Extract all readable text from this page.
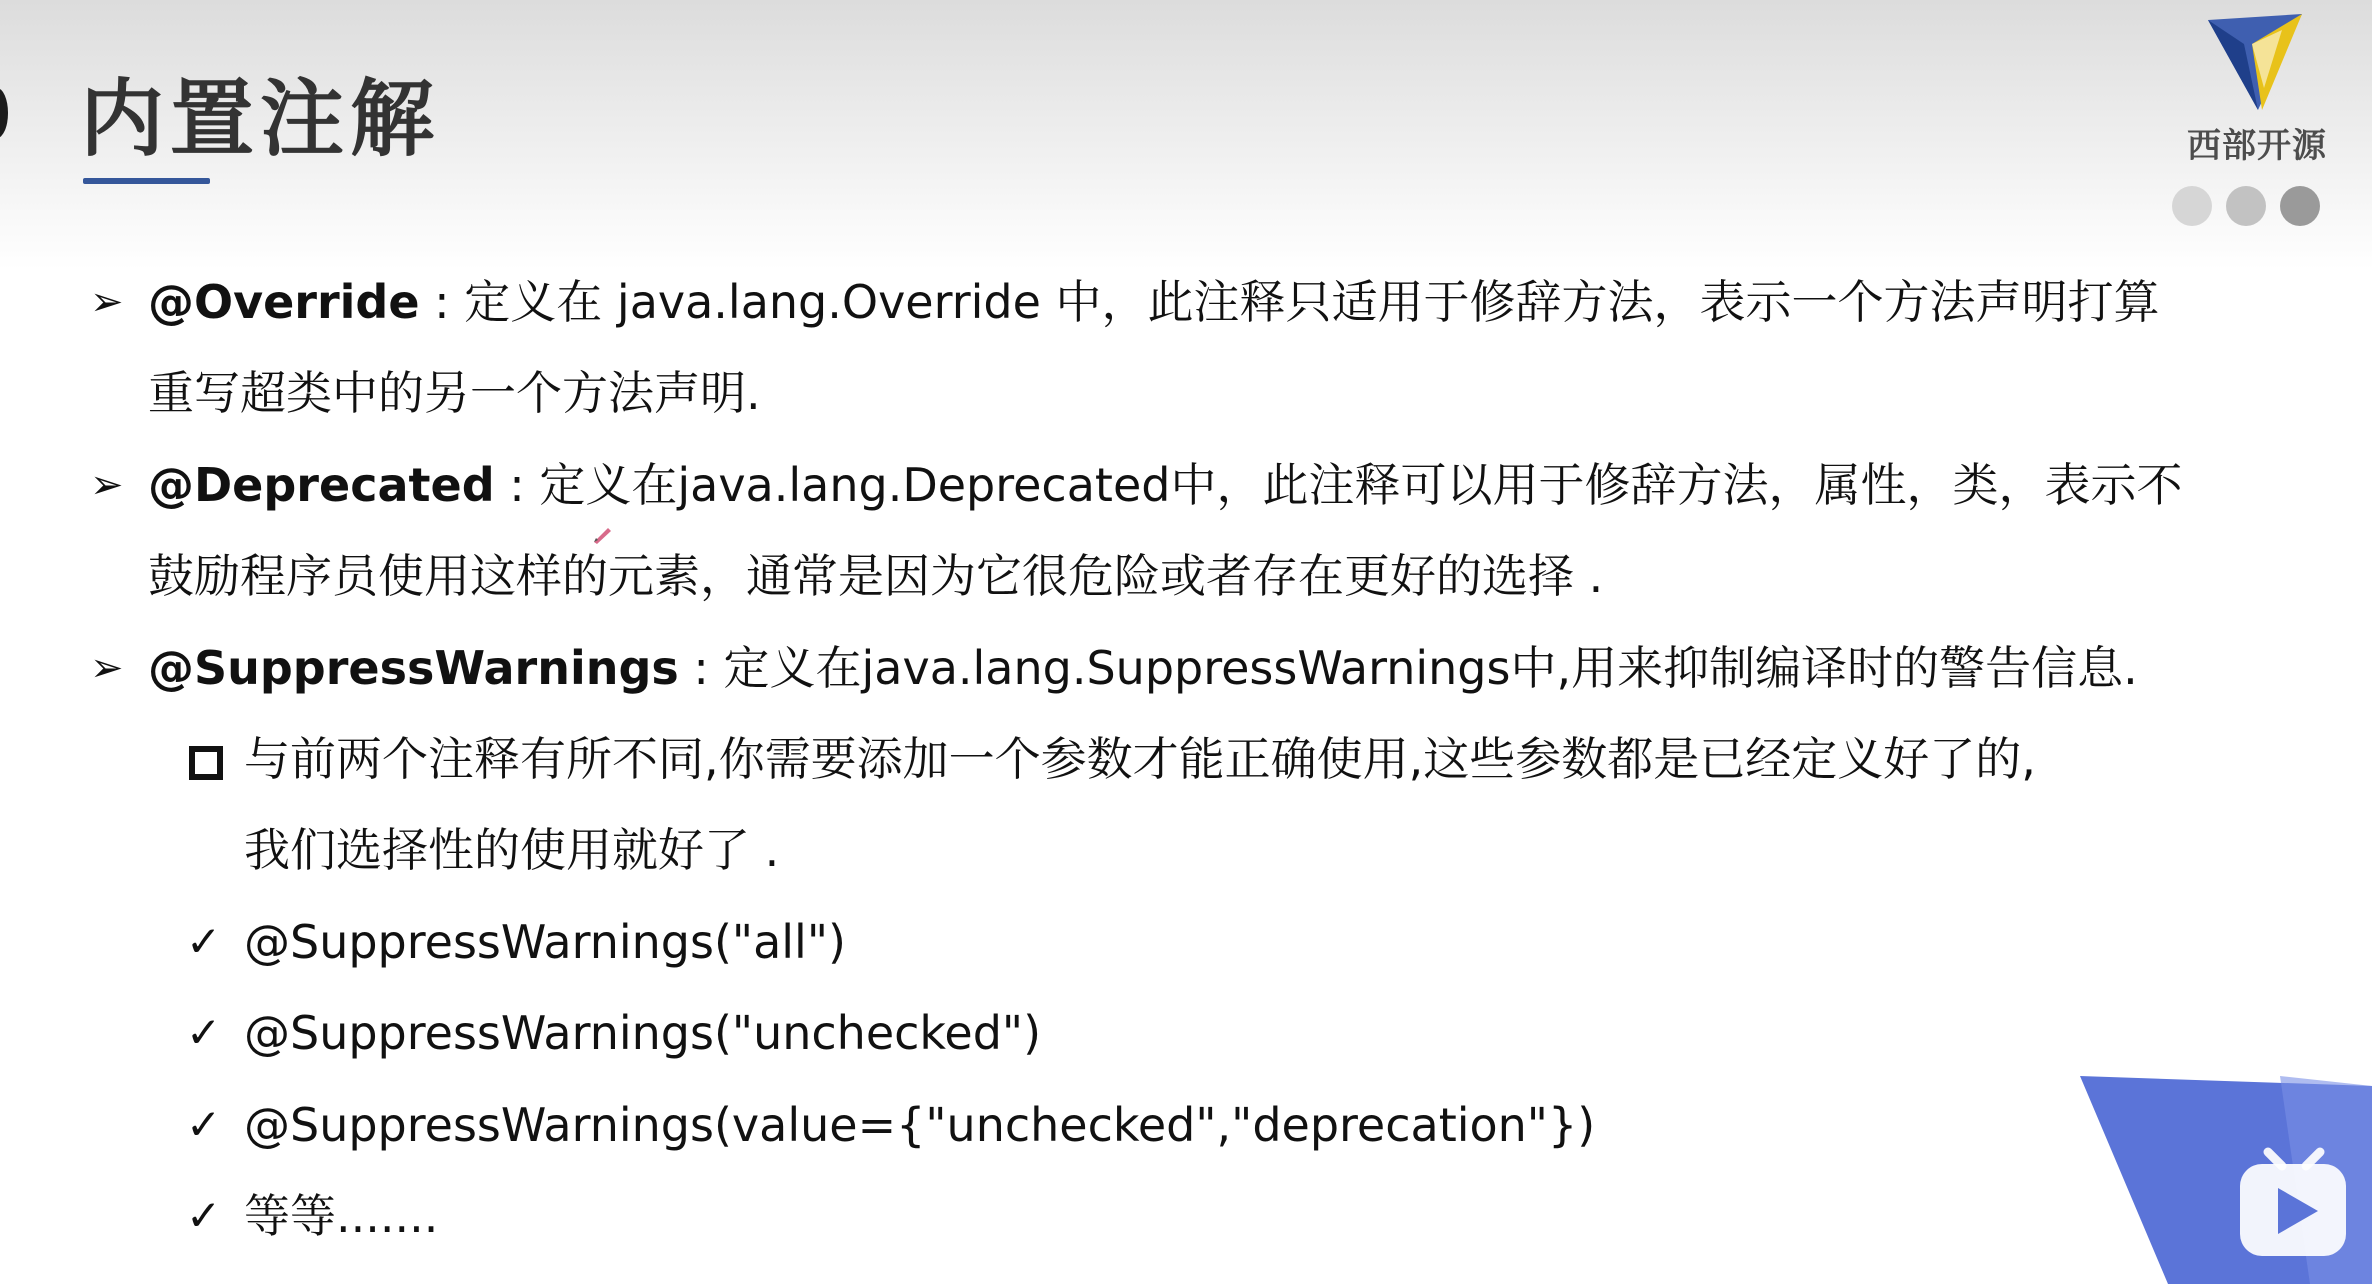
内置注解	西部开源
➢ @Override : 定义在 java.lang.Override 中，此注释只适用于修辞方法，表示一个方法声明打算
重写超类中的另一个方法声明.
➢ @Deprecated : 定义在java.lang.Deprecated中，此注释可以用于修辞方法，属性，类，表示不
鼓励程序员使用这样的元素，通常是因为它很危险或者存在更好的选择 .
➢ @SuppressWarnings : 定义在java.lang.SuppressWarnings中,用来抑制编译时的警告信息.
与前两个注释有所不同,你需要添加一个参数才能正确使用,这些参数都是已经定义好了的,
我们选择性的使用就好了 .
✓ @SuppressWarnings("all")
✓ @SuppressWarnings("unchecked")
✓ @SuppressWarnings(value={"unchecked","deprecation"})
✓ 等等.......
